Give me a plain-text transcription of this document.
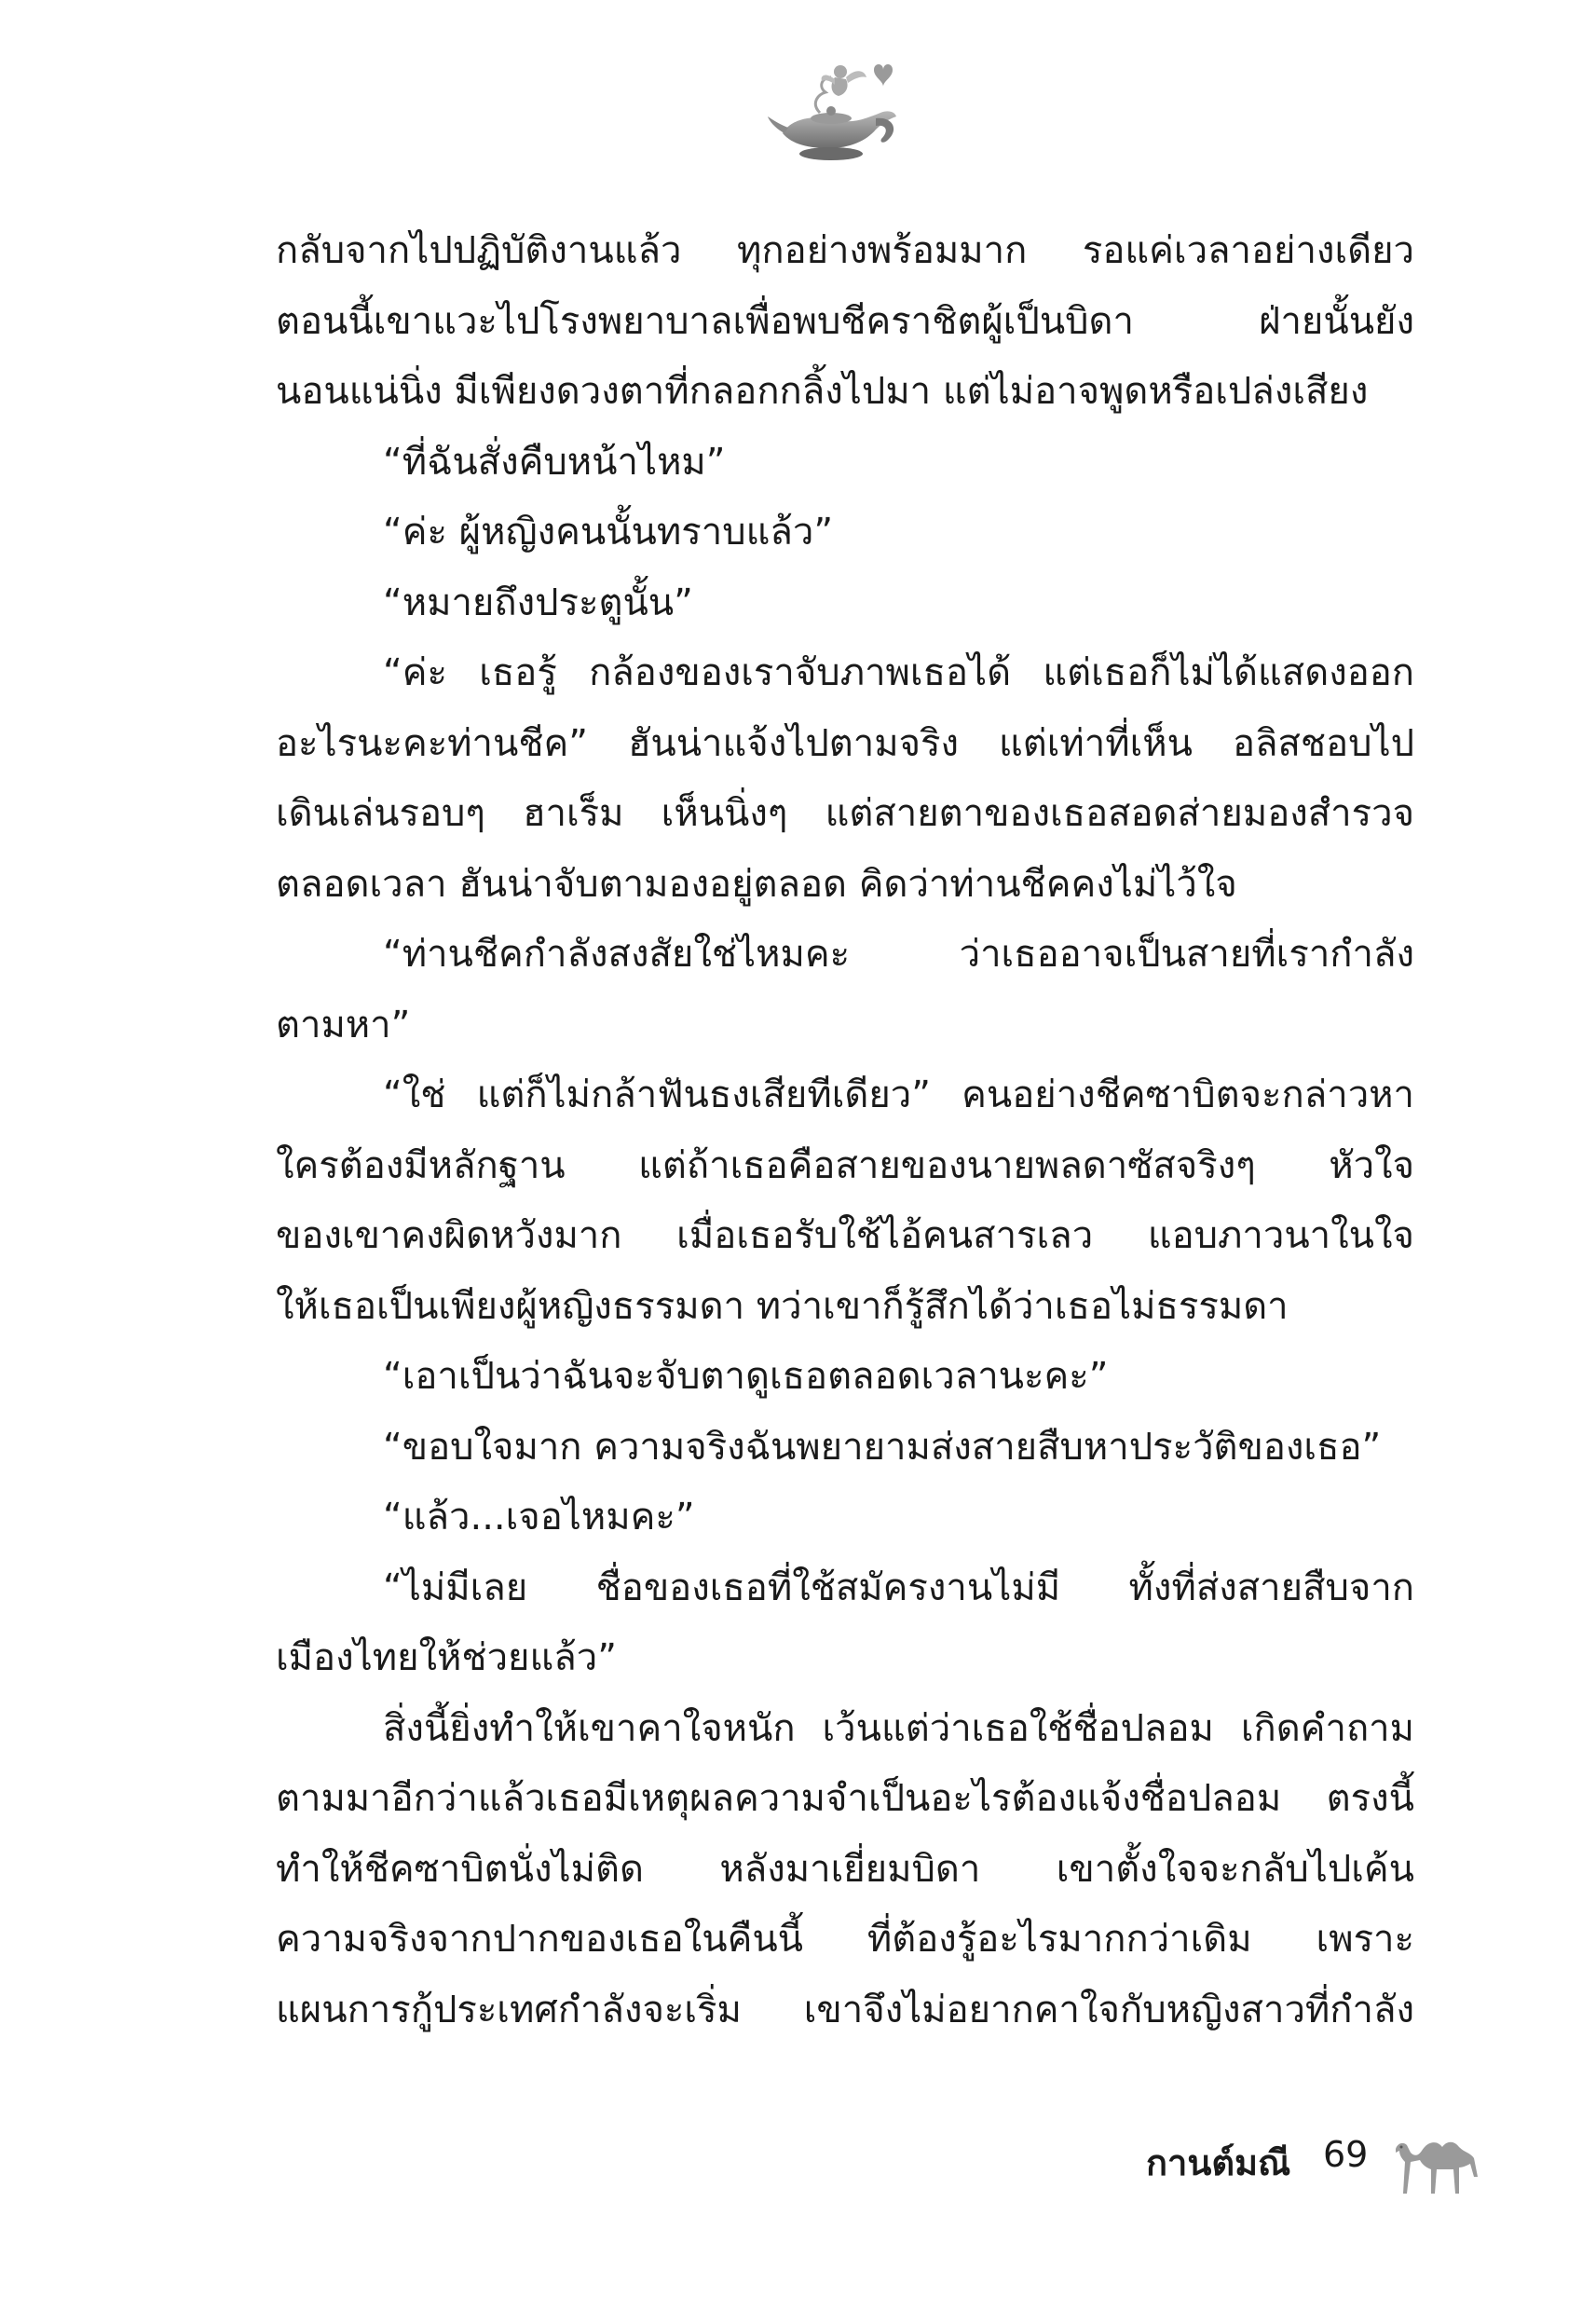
กลับจากไปปฏิบัติงานแล้ว ทุกอย่างพร้อมมาก รอแค่เวลาอย่างเดียว
ตอนนี้เขาแวะไปโรงพยาบาลเพื่อพบชีคราชิตผู้เป็นบิดา ฝ่ายนั้นยัง
นอนแน่นิ่ง มีเพียงดวงตาที่กลอกกลิ้งไปมา แต่ไม่อาจพูดหรือเปล่งเสียง
“ที่ฉันสั่งคืบหน้าไหม”
“ค่ะ ผู้หญิงคนนั้นทราบแล้ว”
“หมายถึงประตูนั้น”
“ค่ะ เธอรู้ กล้องของเราจับภาพเธอได้ แต่เธอก็ไม่ได้แสดงออก
อะไรนะคะท่านชีค” ฮันน่าแจ้งไปตามจริง แต่เท่าที่เห็น อลิสชอบไป
เดินเล่นรอบๆ ฮาเร็ม เห็นนิ่งๆ แต่สายตาของเธอสอดส่ายมองสำรวจ
ตลอดเวลา ฮันน่าจับตามองอยู่ตลอด คิดว่าท่านชีคคงไม่ไว้ใจ
“ท่านชีคกำลังสงสัยใช่ไหมคะ ว่าเธออาจเป็นสายที่เรากำลัง
ตามหา”
“ใช่ แต่ก็ไม่กล้าฟันธงเสียทีเดียว” คนอย่างชีคซาบิตจะกล่าวหา
ใครต้องมีหลักฐาน แต่ถ้าเธอคือสายของนายพลดาซัสจริงๆ หัวใจ
ของเขาคงผิดหวังมาก เมื่อเธอรับใช้ไอ้คนสารเลว แอบภาวนาในใจ
ให้เธอเป็นเพียงผู้หญิงธรรมดา ทว่าเขาก็รู้สึกได้ว่าเธอไม่ธรรมดา
“เอาเป็นว่าฉันจะจับตาดูเธอตลอดเวลานะคะ”
“ขอบใจมาก ความจริงฉันพยายามส่งสายสืบหาประวัติของเธอ”
“แล้ว...เจอไหมคะ”
“ไม่มีเลย ชื่อของเธอที่ใช้สมัครงานไม่มี ทั้งที่ส่งสายสืบจาก
เมืองไทยให้ช่วยแล้ว”
สิ่งนี้ยิ่งทำให้เขาคาใจหนัก เว้นแต่ว่าเธอใช้ชื่อปลอม เกิดคำถาม
ตามมาอีกว่าแล้วเธอมีเหตุผลความจำเป็นอะไรต้องแจ้งชื่อปลอม ตรงนี้
ทำให้ชีคซาบิตนั่งไม่ติด หลังมาเยี่ยมบิดา เขาตั้งใจจะกลับไปเค้น
ความจริงจากปากของเธอในคืนนี้ ที่ต้องรู้อะไรมากกว่าเดิม เพราะ
แผนการกู้ประเทศกำลังจะเริ่ม เขาจึงไม่อยากคาใจกับหญิงสาวที่กำลัง
กานต์มณี 69
